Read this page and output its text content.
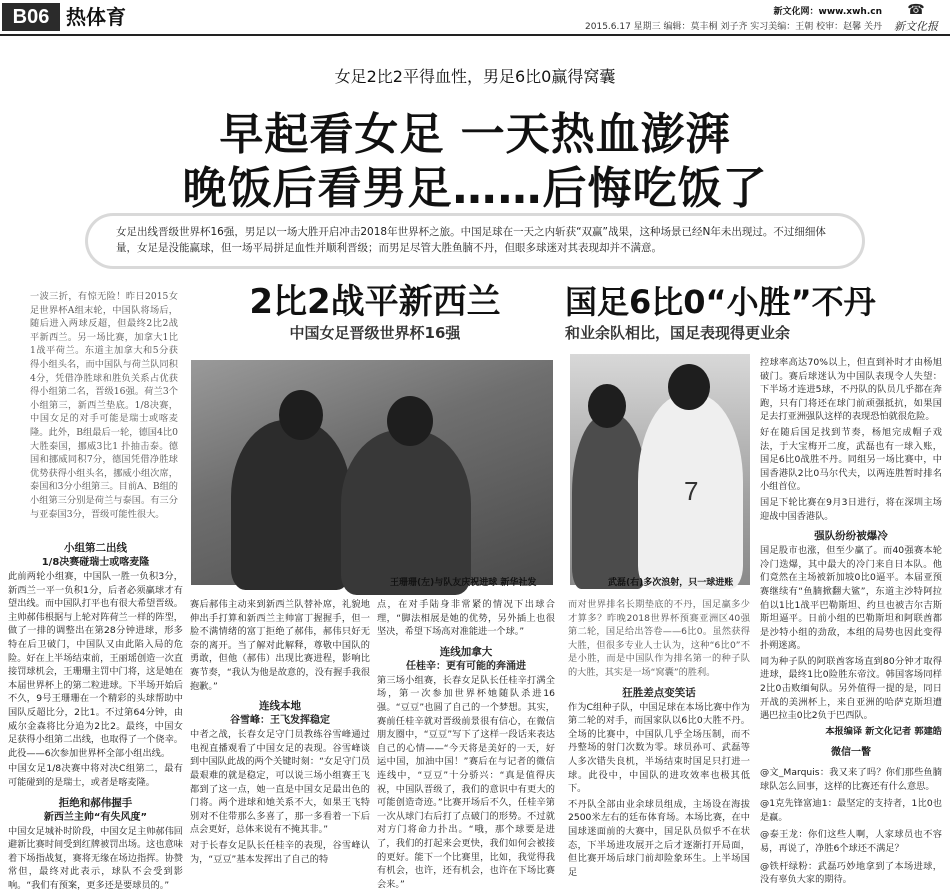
B06 热体育	新文化网：www.xwh.cn
2015.6.17 星期三 编辑：莫丰桐 刘子齐 实习美编：王朝 校审：赵馨 关丹
☎
新文化报
女足2比2平得血性，男足6比0赢得窝囊
早起看女足 一天热血澎湃
晚饭后看男足……后悔吃饭了
女足出线晋级世界杯16强，男足以一场大胜开启冲击2018年世界杯之旅。中国足球在一天之内斩获“双赢”战果，这种场景已经N年未出现过。不过细细体量，女足是没能赢球，但一场平局拼足血性并顺利晋级；而男足尽管大胜鱼腩不丹，但眼多球迷对其表现却并不满意。

一波三折，有惊无险！昨日2015女足世界杯A组末轮，中国队将场后，随后进入两球反超，但最终2比2战平新西兰。另一场比赛，加拿大1比1战平荷兰。东道主加拿大和5分获得小组头名，而中国队与荷兰队同积4分，凭借净胜球和胜负关系占优获得小组第二名，晋级16强。荷兰3个小组第三，新西兰垫底。1/8决赛，中国女足的对手可能是瑞士或喀麦隆。此外，B组最后一轮，德国4比0大胜泰国，挪威3比1 扑抽击泰。德国和挪威同积7分，德国凭借净胜球优势获得小组头名，挪威小组次席，泰国和3分小组第三。目前A、B组的小组第三分别是荷兰与泰国。有三分与亚泰国3分，晋级可能性很大。

小组第二出线
1/8决赛碰瑞士或喀麦隆

此前两轮小组赛，中国队一胜一负积3分，新西兰一平一负积1分，后者必须赢球才有望出线。而中国队打平也有很大希望晋级。主帅郝伟根据与上轮对阵荷兰一样的阵型，做了一排的调整出在第28分钟进球，形多特在后卫破门，中国队又由此陷入局的危险。好在上半场结束前，王丽瑶创造一次直接罚球机会，王珊珊主罚中门将，这是她在本届世界杯上的第二粒进球。下半场开始后不久，9号王珊珊在一个精彩的头球帮助中国队反超比分，2比1。不过第64分钟，由威尔金森将比分追为2比2。最终，中国女足获得小组第二出线，也取得了一个侥幸。此役——6次参加世界杯全部小组出线。

中国女足1/8决赛中将对决C组第二，最有可能碰到的是瑞士，或者是喀麦隆。

拒绝和郝伟握手
新西兰主帅“有失风度”

中国女足城补时阶段，中国女足主帅郝伟回避新比赛时间受到红牌被罚出场。这也意味着下场指战复，赛将无缘在场边指挥。协赞常但，最终对此表示，球队不会受到影响。“我们有预案，更多还是要球员的。”

2比2战平新西兰
中国女足晋级世界杯16强
国足6比0“小胜”不丹
和业余队相比，国足表现得更业余
王珊珊(左)与队友庆祝进球 新华社发
7
武磊(右)多次浪射，只一球进账

赛后郝伟主动来到新西兰队替补席，礼貌地伸出手打算和新西兰主帅富丁握握手，但一脸不满情绪的富丁拒绝了郝伟，郝伟只好无奈的离开。当了解对此解释，尊敬中国队的勇敢，但他（郝伟）出现比赛进程，影响比赛节奏，“我认为他是故意的，没有握手我很抱歉。”

连线本地
谷雪峰：王飞发挥稳定

中者之战，长春女足守门员教练谷雪峰通过电视直播观看了中国女足的表现。谷雪峰谈到中国队此战的两个关键时刻：“女足守门员最艰难的就是稳定，可以说三场小组赛王飞都到了这一点，她一直是中国女足最出色的门将。两个进球和她关系不大，如果王飞特别对不住带那么多喜了，那一多看着一下后点会更好，总体来说有不掩其非。”

对于长春女足队长任桂辛的表现，谷雪峰认为，“豆豆”基本发挥出了自己的特

点，在对手陆身非常紧的情况下出球合理，“脚法相展是她的优势，另外插上也很坚决，希望下场高对准能进一个球。”

连线加拿大
任桂辛：更有可能的奔涌进

第三场小组赛，长春女足队长任桂辛打满全场，第一次参加世界杯她随队杀进16强。“豆豆”也圆了自己的一个梦想。其实，赛前任桂辛就对晋级前景很有信心，在微信朋友圈中，“豆豆”写下了这样一段话来表达自己的心情——“今天将是美好的一天，好运中国，加油中国！”赛后在与记者的微信连线中，“豆豆”十分骄兴：“真是值得庆祝，中国队晋级了，我们的意识中有更大的可能创造奇迹。”比赛开场后不久，任桂辛第一次从球门右后打了点破门的形势。不过就对方门将命力扑出。“哦，那个球要是进了，我们的打起来会更快，我们如何会被接的更好。能下一个比赛里，比如，我觉得我有机会，也许，还有机会，也许在下场比赛会来。”

而对世界排名长期垫底的不丹，国足赢多少才算多？昨晚2018世界杯预赛亚洲区40强第二轮，国足给出答卷——6比0。虽然获得大胜，但很多专业人士认为，这种“6比0”不是小胜，而是中国队作为排名第一的种子队的大胜，其实是一场“窝囊”的胜利。

狂胜差点变笑话

作为C组种子队，中国足球在本场比赛中作为第二轮的对手，而国家队以6比0大胜不丹。全场的比赛中，中国队几乎全场压制，而不丹整场的射门次数为零。球员孙可、武磊等人多次错失良机，半场结束时国足只打进一球。此役中，中国队的进攻效率也极其低下。

不丹队全部由业余球员组成，主场设在海拔2500米左右的廷布体育场。本场比赛，在中国球迷面前的大赛中，国足队员似乎不在状态，下半场进攻展开之后才逐渐打开局面，但比赛开场后球门前却险象环生。上半场国足

控球率高达70%以上，但直到补时才由杨旭破门。赛后球迷认为中国队表现令人失望：下半场才连进5球，不丹队的队员几乎都在奔跑，只有门将还在球门前顽强抵抗，如果国足去打亚洲强队这样的表现恐怕就很危险。

好在随后国足找到节奏，杨旭完成帽子戏法，于大宝梅开二度，武磊也有一球入账，国足6比0战胜不丹。同组另一场比赛中，中国香港队2比0马尔代夫，以两连胜暂时排名小组首位。

国足下轮比赛在9月3日进行，将在深圳主场迎战中国香港队。

强队纷纷被爆冷

国足股市也涨，但至少赢了。而40强赛本轮冷门迭爆，其中最大的冷门来自日本队。他们竟然在主场被新加坡0比0逼平。本届亚预赛继续有“鱼腩掀翻大鲨”，东道主沙特阿拉伯以1比1战平巴勒斯坦、约旦也被吉尔吉斯斯坦逼平。日前小组的巴勒斯坦和阿联酋都是沙特小组的劲敌，本组的局势也因此变得扑朔迷离。

同为种子队的阿联酋客场直到80分钟才取得进球，最终1比0险胜东帝汶。韩国客场同样2比0击败缅甸队。另外值得一提的是，同日开战的美洲杯上，来自亚洲的哈萨克斯坦遭遇巴拉圭0比2负于巴西队。

本报编译 新文化记者 郭建皓

微信一瞥

@文_Marquis：我又来了吗？你们那些鱼腩球队怎么回事，这样的比赛还有什么意思。

@1克先锋富迪1：最坚定的支持者，1比0也是赢。

@泰王龙：你们这些人啊，人家球员也不容易，再说了，净胜6个球还不满足？

@铁杆绿粉：武磊巧妙地拿到了本场进球，没有辜负大家的期待。
